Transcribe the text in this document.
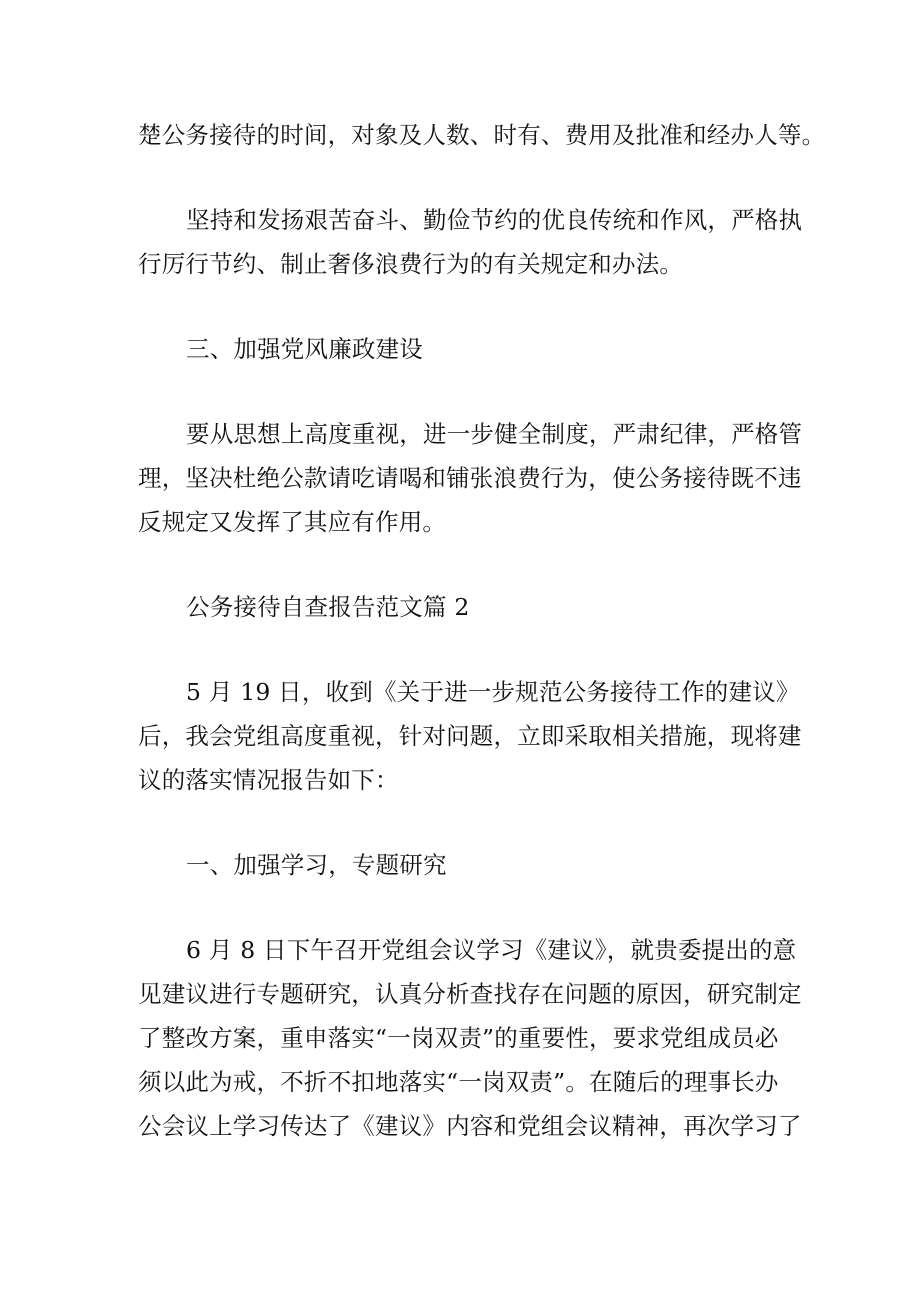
楚公务接待的时间，对象及人数、时有、费用及批准和经办人等。

坚持和发扬艰苦奋斗、勤俭节约的优良传统和作风，严格执

行厉行节约、制止奢侈浪费行为的有关规定和办法。

三、加强党风廉政建设

要从思想上高度重视，进一步健全制度，严肃纪律，严格管

理，坚决杜绝公款请吃请喝和铺张浪费行为，使公务接待既不违

反规定又发挥了其应有作用。

公务接待自查报告范文篇 2

5 月 19 日，收到《关于进一步规范公务接待工作的建议》

后，我会党组高度重视，针对问题，立即采取相关措施，现将建

议的落实情况报告如下：

一、加强学习，专题研究

6 月 8 日下午召开党组会议学习《建议》，就贵委提出的意

见建议进行专题研究，认真分析查找存在问题的原因，研究制定

了整改方案，重申落实“一岗双责”的重要性，要求党组成员必

须以此为戒，不折不扣地落实“一岗双责”。在随后的理事长办

公会议上学习传达了《建议》内容和党组会议精神，再次学习了
